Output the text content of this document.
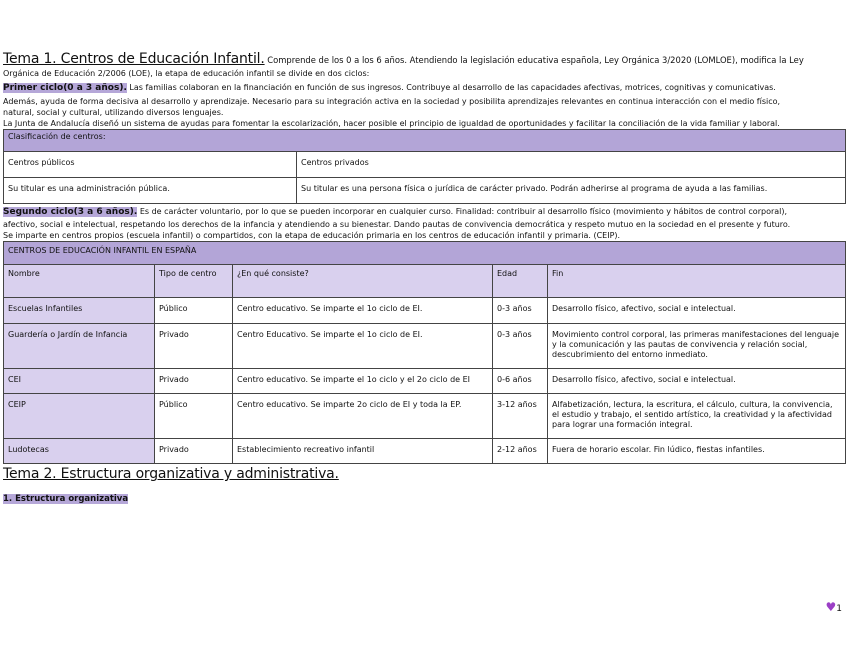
Tema 1. Centros de Educación Infantil. Comprende de los 0 a los 6 años. Atendiendo la legislación educativa española, Ley Orgánica 3/2020 (LOMLOE), modifica la Ley

Orgánica de Educación 2/2006 (LOE), la etapa de educación infantil se divide en dos ciclos:

Primer ciclo(0 a 3 años). Las familias colaboran en la financiación en función de sus ingresos. Contribuye al desarrollo de las capacidades afectivas, motrices, cognitivas y comunicativas.

Además, ayuda de forma decisiva al desarrollo y aprendizaje. Necesario para su integración activa en la sociedad y posibilita aprendizajes relevantes en continua interacción con el medio físico,

natural, social y cultural, utilizando diversos lenguajes.

La Junta de Andalucía diseñó un sistema de ayudas para fomentar la escolarización, hacer posible el principio de igualdad de oportunidades y facilitar la conciliación de la vida familiar y laboral.

Clasificación de centros:	
Centros públicos	Centros privados
Su titular es una administración pública.	Su titular es una persona física o jurídica de carácter privado. Podrán adherirse al programa de ayuda a las familias.

Segundo ciclo(3 a 6 años). Es de carácter voluntario, por lo que se pueden incorporar en cualquier curso. Finalidad: contribuir al desarrollo físico (movimiento y hábitos de control corporal),

afectivo, social e intelectual, respetando los derechos de la infancia y atendiendo a su bienestar. Dando pautas de convivencia democrática y respeto mutuo en la sociedad en el presente y futuro.

Se imparte en centros propios (escuela infantil) o compartidos, con la etapa de educación primaria en los centros de educación infantil y primaria. (CEIP).

CENTROS DE EDUCACIÓN INFANTIL EN ESPAÑA				
Nombre	Tipo de centro	¿En qué consiste?	Edad	Fin
Escuelas Infantiles	Público	Centro educativo. Se imparte el 1o ciclo de EI.	0-3 años	Desarrollo físico, afectivo, social e intelectual.
Guardería o Jardín de Infancia	Privado	Centro Educativo. Se imparte el 1o ciclo de EI.	0-3 años	Movimiento control corporal, las primeras manifestaciones del lenguaje y la comunicación y las pautas de convivencia y relación social, descubrimiento del entorno inmediato.
CEI	Privado	Centro educativo. Se imparte el 1o ciclo y el 2o ciclo de EI	0-6 años	Desarrollo físico, afectivo, social e intelectual.
CEIP	Público	Centro educativo. Se imparte 2o ciclo de EI y toda la EP.	3-12 años	Alfabetización, lectura, la escritura, el cálculo, cultura, la convivencia, el estudio y trabajo, el sentido artístico, la creatividad y la afectividad para lograr una formación integral.
Ludotecas	Privado	Establecimiento recreativo infantil	2-12 años	Fuera de horario escolar. Fin lúdico, fiestas infantiles.
Tema 2. Estructura organizativa y administrativa.
1. Estructura organizativa
♥1
